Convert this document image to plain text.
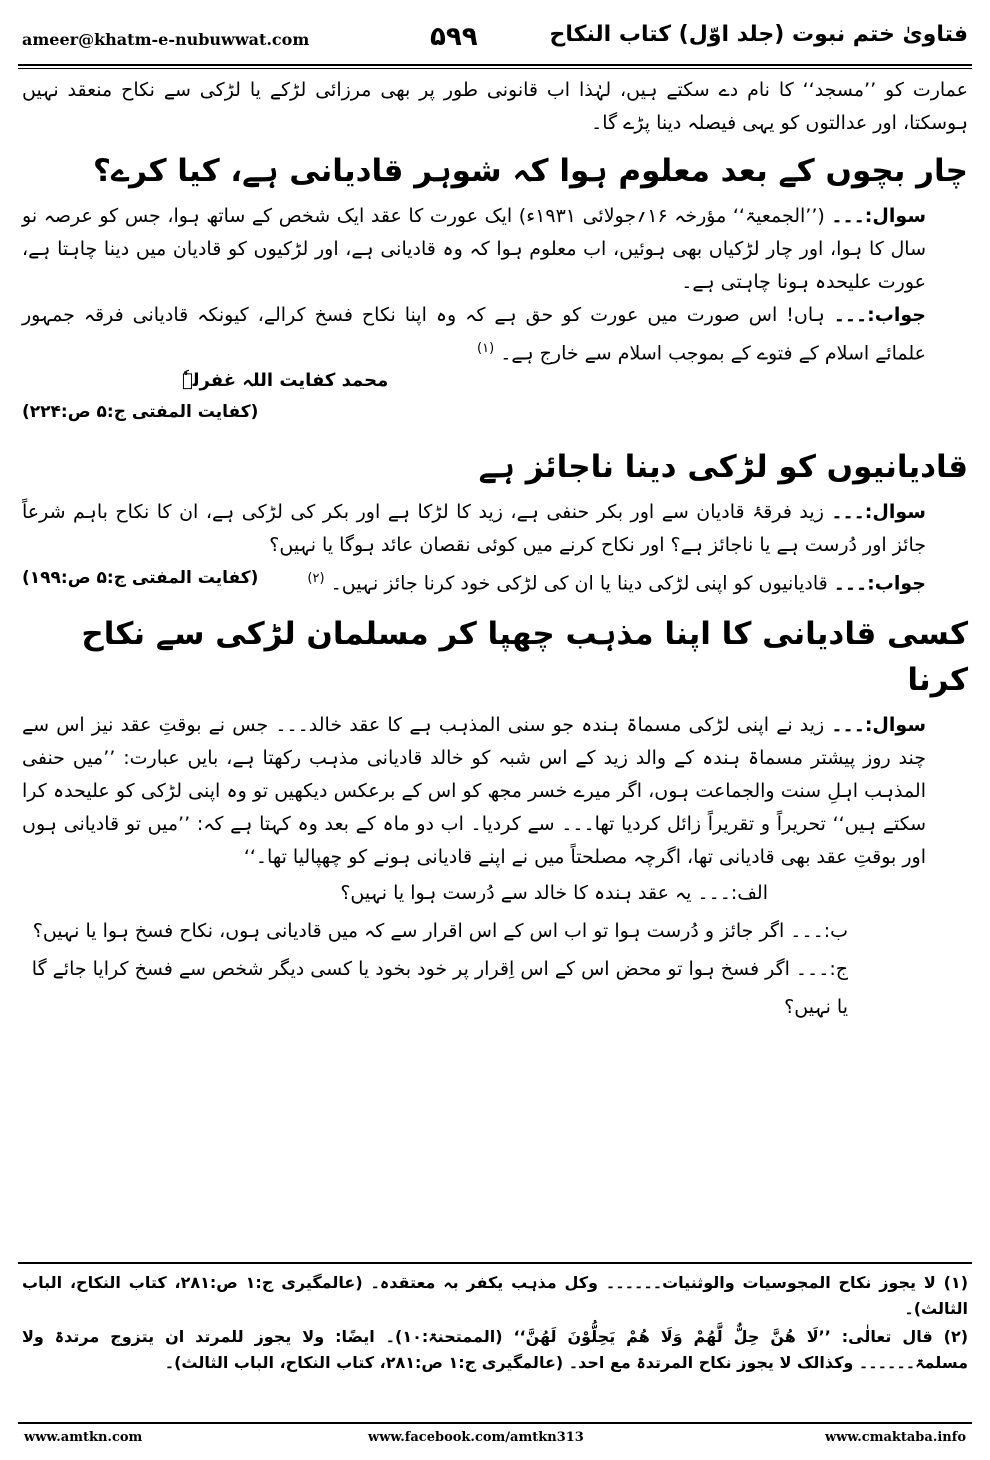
ameer@khatm-e-nubuwwat.com	۵۹۹	فتاویٰ ختم نبوت (جلد اوّل) کتاب النکاح

عمارت کو ’’مسجد‘‘ کا نام دے سکتے ہیں، لہٰذا اب قانونی طور پر بھی مرزائی لڑکے یا لڑکی سے نکاح منعقد نہیں ہوسکتا، اور عدالتوں کو یہی فیصلہ دینا پڑے گا۔

چار بچوں کے بعد معلوم ہوا کہ شوہر قادیانی ہے، کیا کرے؟

سوال:۔۔۔ (’’الجمعیۃ‘‘ مؤرخہ ۱۶؍جولائی ۱۹۳۱ء) ایک عورت کا عقد ایک شخص کے ساتھ ہوا، جس کو عرصہ نو سال کا ہوا، اور چار لڑکیاں بھی ہوئیں، اب معلوم ہوا کہ وہ قادیانی ہے، اور لڑکیوں کو قادیان میں دینا چاہتا ہے، عورت علیحدہ ہونا چاہتی ہے۔

جواب:۔۔۔ ہاں! اس صورت میں عورت کو حق ہے کہ وہ اپنا نکاح فسخ کرالے، کیونکہ قادیانی فرقہ جمہور علمائے اسلام کے فتوے کے بموجب اسلام سے خارج ہے۔ $^{(۱)}$

محمد کفایت اللہ غفرلہٗ
(کفایت المفتی ج:۵ ص:۲۲۴)
قادیانیوں کو لڑکی دینا ناجائز ہے

سوال:۔۔۔ زید فرقۂ قادیان سے اور بکر حنفی ہے، زید کا لڑکا ہے اور بکر کی لڑکی ہے، ان کا نکاح باہم شرعاً جائز اور دُرست ہے یا ناجائز ہے؟ اور نکاح کرنے میں کوئی نقصان عائد ہوگا یا نہیں؟

جواب:۔۔۔ قادیانیوں کو اپنی لڑکی دینا یا ان کی لڑکی خود کرنا جائز نہیں۔ $^{(۲)}$
(کفایت المفتی ج:۵ ص:۱۹۹)

کسی قادیانی کا اپنا مذہب چھپا کر مسلمان لڑکی سے نکاح کرنا

سوال:۔۔۔ زید نے اپنی لڑکی مسماۃ ہندہ جو سنی المذہب ہے کا عقد خالد۔۔۔ جس نے بوقتِ عقد نیز اس سے چند روز پیشتر مسماۃ ہندہ کے والد زید کے اس شبہ کو خالد قادیانی مذہب رکھتا ہے، بایں عبارت: ’’میں حنفی المذہب اہلِ سنت والجماعت ہوں، اگر میرے خسر مجھ کو اس کے برعکس دیکھیں تو وہ اپنی لڑکی کو علیحدہ کرا سکتے ہیں‘‘ تحریراً و تقریراً زائل کردیا تھا۔۔۔ سے کردیا۔ اب دو ماہ کے بعد وہ کہتا ہے کہ: ’’میں تو قادیانی ہوں اور بوقتِ عقد بھی قادیانی تھا، اگرچہ مصلحتاً میں نے اپنے قادیانی ہونے کو چھپالیا تھا۔‘‘

الف:۔۔۔ یہ عقد ہندہ کا خالد سے دُرست ہوا یا نہیں؟

ب:۔۔۔ اگر جائز و دُرست ہوا تو اب اس کے اس اقرار سے کہ میں قادیانی ہوں، نکاح فسخ ہوا یا نہیں؟

ج:۔۔۔ اگر فسخ ہوا تو محض اس کے اس اِقرار پر خود بخود یا کسی دیگر شخص سے فسخ کرایا جائے گا یا نہیں؟

(۱) لا یجوز نکاح المجوسیات والوثنیات۔۔۔۔۔۔ وکل مذہب یکفر بہ معتقدہ۔ (عالمگیری ج:۱ ص:۲۸۱، کتاب النکاح، الباب الثالث)۔

(۲) قال تعالٰی: ’’لَا ھُنَّ حِلٌّ لَّھُمْ وَلَا ھُمْ یَحِلُّوْنَ لَھُنَّ‘‘ (الممتحنۃ:۱۰)۔ ایضًا: ولا یجوز للمرتد ان یتزوج مرتدۃ ولا مسلمۃ۔۔۔۔۔۔ وکذالک لا یجوز نکاح المرتدۃ مع احد۔ (عالمگیری ج:۱ ص:۲۸۱، کتاب النکاح، الباب الثالث)۔

www.amtkn.com	www.facebook.com/amtkn313	www.cmaktaba.info
